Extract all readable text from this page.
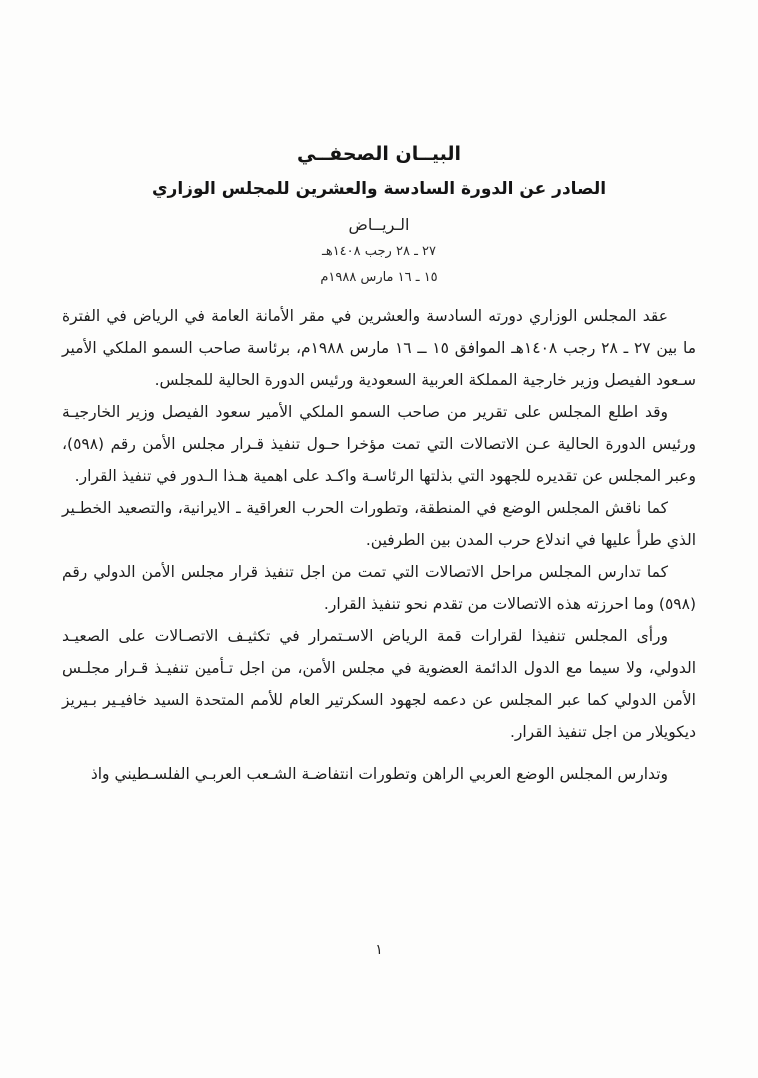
البيــان الصحفــي
الصادر عن الدورة السادسة والعشرين للمجلس الوزاري
الـريــاض
٢٧ ـ ٢٨ رجب ١٤٠٨هـ
١٥ ـ ١٦ مارس ١٩٨٨م

عقد المجلس الوزاري دورته السادسة والعشرين في مقر الأمانة العامة في الرياض في الفترة ما بين ٢٧ ـ ٢٨ رجب ١٤٠٨هـ الموافق ١٥ ــ ١٦ مارس ١٩٨٨م، برئاسة صاحب السمو الملكي الأمير سـعود الفيصل وزير خارجية المملكة العربية السعودية ورئيس الدورة الحالية للمجلس.

وقد اطلع المجلس على تقرير من صاحب السمو الملكي الأمير سعود الفيصل وزير الخارجيـة ورئيس الدورة الحالية عـن الاتصالات التي تمت مؤخرا حـول تنفيذ قـرار مجلس الأمن رقم (٥٩٨)، وعبر المجلس عن تقديره للجهود التي بذلتها الرئاسـة واكـد على اهمية هـذا الـدور في تنفيذ القرار.

كما ناقش المجلس الوضع في المنطقة، وتطورات الحرب العراقية ـ الايرانية، والتصعيد الخطـير الذي طرأ عليها في اندلاع حرب المدن بين الطرفين.

كما تدارس المجلس مراحل الاتصالات التي تمت من اجل تنفيذ قرار مجلس الأمن الدولي رقم (٥٩٨) وما احرزته هذه الاتصالات من تقدم نحو تنفيذ القرار.

ورأى المجلس تنفيذا لقرارات قمة الرياض الاسـتمرار في تكثيـف الاتصـالات على الصعيـد الدولي، ولا سيما مع الدول الدائمة العضوية في مجلس الأمن، من اجل تـأمين تنفيـذ قـرار مجلـس الأمن الدولي كما عبر المجلس عن دعمه لجهود السكرتير العام للأمم المتحدة السيد خافيـير بـيريز ديكويلار من اجل تنفيذ القرار.

وتدارس المجلس الوضع العربي الراهن وتطورات انتفاضـة الشـعب العربـي الفلسـطيني واذ

١
